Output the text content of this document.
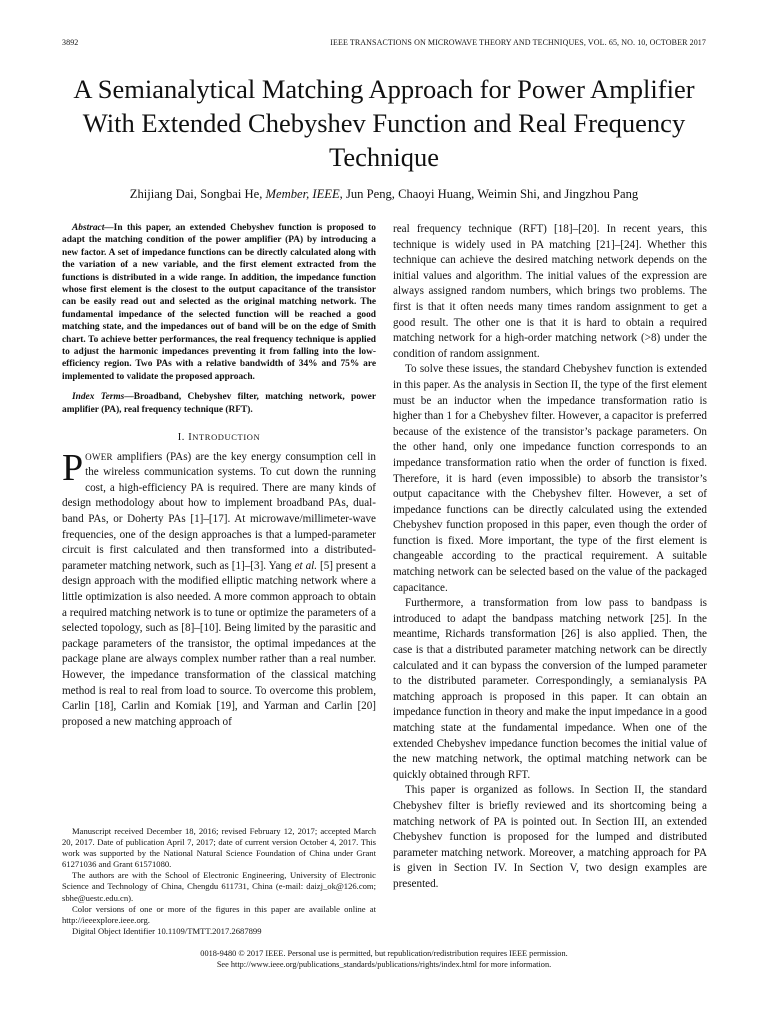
3892	IEEE TRANSACTIONS ON MICROWAVE THEORY AND TECHNIQUES, VOL. 65, NO. 10, OCTOBER 2017
A Semianalytical Matching Approach for Power Amplifier With Extended Chebyshev Function and Real Frequency Technique
Zhijiang Dai, Songbai He, Member, IEEE, Jun Peng, Chaoyi Huang, Weimin Shi, and Jingzhou Pang

Abstract—In this paper, an extended Chebyshev function is proposed to adapt the matching condition of the power amplifier (PA) by introducing a new factor. A set of impedance functions can be directly calculated along with the variation of a new variable, and the first element extracted from the functions is distributed in a wide range. In addition, the impedance function whose first element is the closest to the output capacitance of the transistor can be easily read out and selected as the original matching network. The fundamental impedance of the selected function will be reached a good matching state, and the impedances out of band will be on the edge of Smith chart. To achieve better performances, the real frequency technique is applied to adjust the harmonic impedances preventing it from falling into the low-efficiency region. Two PAs with a relative bandwidth of 34% and 75% are implemented to validate the proposed approach.

Index Terms—Broadband, Chebyshev filter, matching network, power amplifier (PA), real frequency technique (RFT).

I. INTRODUCTION

POWER amplifiers (PAs) are the key energy consumption cell in the wireless communication systems. To cut down the running cost, a high-efficiency PA is required. There are many kinds of design methodology about how to implement broadband PAs, dual-band PAs, or Doherty PAs [1]–[17]. At microwave/millimeter-wave frequencies, one of the design approaches is that a lumped-parameter circuit is first calculated and then transformed into a distributed-parameter matching network, such as [1]–[3]. Yang et al. [5] present a design approach with the modified elliptic matching network where a little optimization is also needed. A more common approach to obtain a required matching network is to tune or optimize the parameters of a selected topology, such as [8]–[10]. Being limited by the parasitic and package parameters of the transistor, the optimal impedances at the package plane are always complex number rather than a real number. However, the impedance transformation of the classical matching method is real to real from load to source. To overcome this problem, Carlin [18], Carlin and Komiak [19], and Yarman and Carlin [20] proposed a new matching approach of

real frequency technique (RFT) [18]–[20]. In recent years, this technique is widely used in PA matching [21]–[24]. Whether this technique can achieve the desired matching network depends on the initial values and algorithm. The initial values of the expression are always assigned random numbers, which brings two problems. The first is that it often needs many times random assignment to get a good result. The other one is that it is hard to obtain a required matching network for a high-order matching network (>8) under the condition of random assignment.

To solve these issues, the standard Chebyshev function is extended in this paper. As the analysis in Section II, the type of the first element must be an inductor when the impedance transformation ratio is higher than 1 for a Chebyshev filter. However, a capacitor is preferred because of the existence of the transistor’s package parameters. On the other hand, only one impedance function corresponds to an impedance transformation ratio when the order of function is fixed. Therefore, it is hard (even impossible) to absorb the transistor’s output capacitance with the Chebyshev filter. However, a set of impedance functions can be directly calculated using the extended Chebyshev function proposed in this paper, even though the order of function is fixed. More important, the type of the first element is changeable according to the practical requirement. A suitable matching network can be selected based on the value of the packaged capacitance.

Furthermore, a transformation from low pass to bandpass is introduced to adapt the bandpass matching network [25]. In the meantime, Richards transformation [26] is also applied. Then, the case is that a distributed parameter matching network can be directly calculated and it can bypass the conversion of the lumped parameter to the distributed parameter. Correspondingly, a semianalysis PA matching approach is proposed in this paper. It can obtain an impedance function in theory and make the input impedance in a good matching state at the fundamental impedance. When one of the extended Chebyshev impedance function becomes the initial value of the new matching network, the optimal matching network can be quickly obtained through RFT.

This paper is organized as follows. In Section II, the standard Chebyshev filter is briefly reviewed and its shortcoming being a matching network of PA is pointed out. In Section III, an extended Chebyshev function is proposed for the lumped and distributed parameter matching network. Moreover, a matching approach for PA is given in Section IV. In Section V, two design examples are presented.

Manuscript received December 18, 2016; revised February 12, 2017; accepted March 20, 2017. Date of publication April 7, 2017; date of current version October 4, 2017. This work was supported by the National Natural Science Foundation of China under Grant 61271036 and Grant 61571080.

The authors are with the School of Electronic Engineering, University of Electronic Science and Technology of China, Chengdu 611731, China (e-mail: daizj_ok@126.com; sbhe@uestc.edu.cn).

Color versions of one or more of the figures in this paper are available online at http://ieeexplore.ieee.org.

Digital Object Identifier 10.1109/TMTT.2017.2687899

0018-9480 © 2017 IEEE. Personal use is permitted, but republication/redistribution requires IEEE permission.

See http://www.ieee.org/publications_standards/publications/rights/index.html for more information.
